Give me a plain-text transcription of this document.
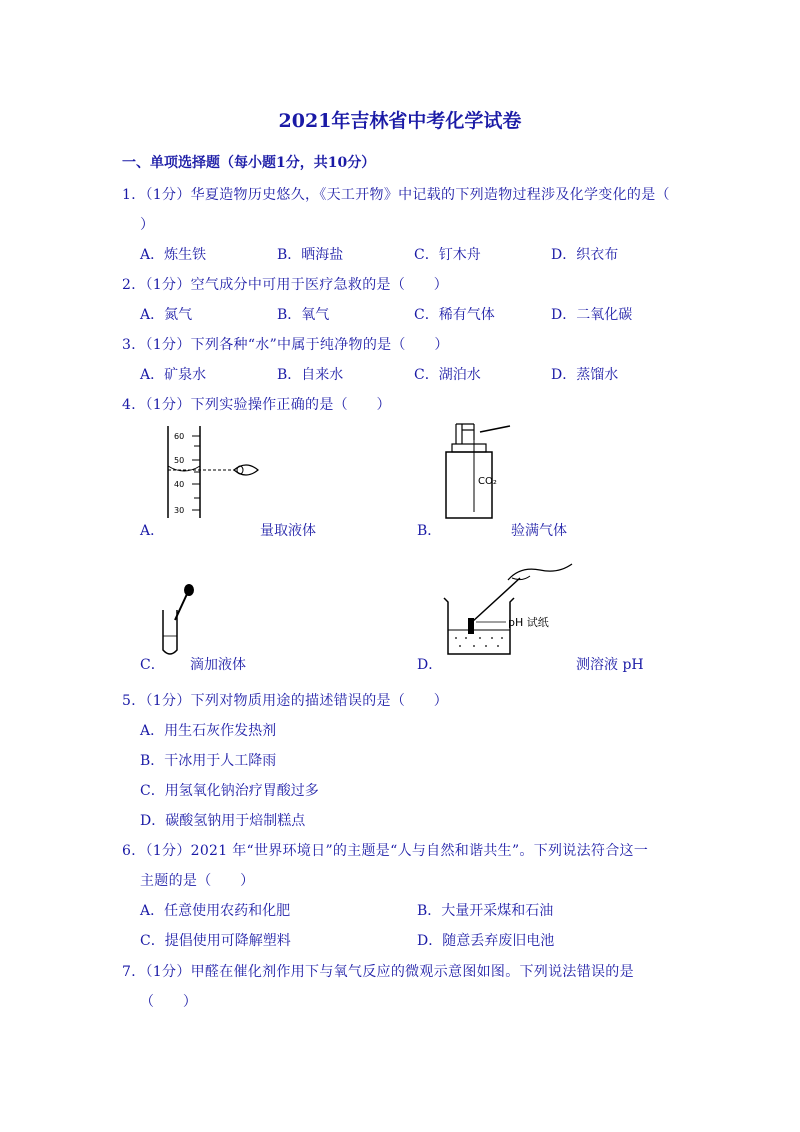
2021年吉林省中考化学试卷
一、单项选择题（每小题1分，共10分）
1．（1分）华夏造物历史悠久，《天工开物》中记载的下列造物过程涉及化学变化的是（
）
A．炼生铁	B．晒海盐	C．钉木舟	D．织衣布
2．（1分）空气成分中可用于医疗急救的是（　　）
A．氮气	B．氧气	C．稀有气体	D．二氧化碳
3．（1分）下列各种“水”中属于纯净物的是（　　）
A．矿泉水	B．自来水	C．湖泊水	D．蒸馏水
4．（1分）下列实验操作正确的是（　　）
60
50
40
30
A．	量取液体
CO₂
B．	验满气体
C． 滴加液体
pH 试纸
D．	测溶液 pH
5．（1分）下列对物质用途的描述错误的是（　　）
A．用生石灰作发热剂
B．干冰用于人工降雨
C．用氢氧化钠治疗胃酸过多
D．碳酸氢钠用于焙制糕点
6．（1分）2021 年“世界环境日”的主题是“人与自然和谐共生”。下列说法符合这一
主题的是（　　）
A．任意使用农药和化肥	B．大量开采煤和石油
C．提倡使用可降解塑料	D．随意丢弃废旧电池
7．（1分）甲醛在催化剂作用下与氧气反应的微观示意图如图。下列说法错误的是
（　　）
